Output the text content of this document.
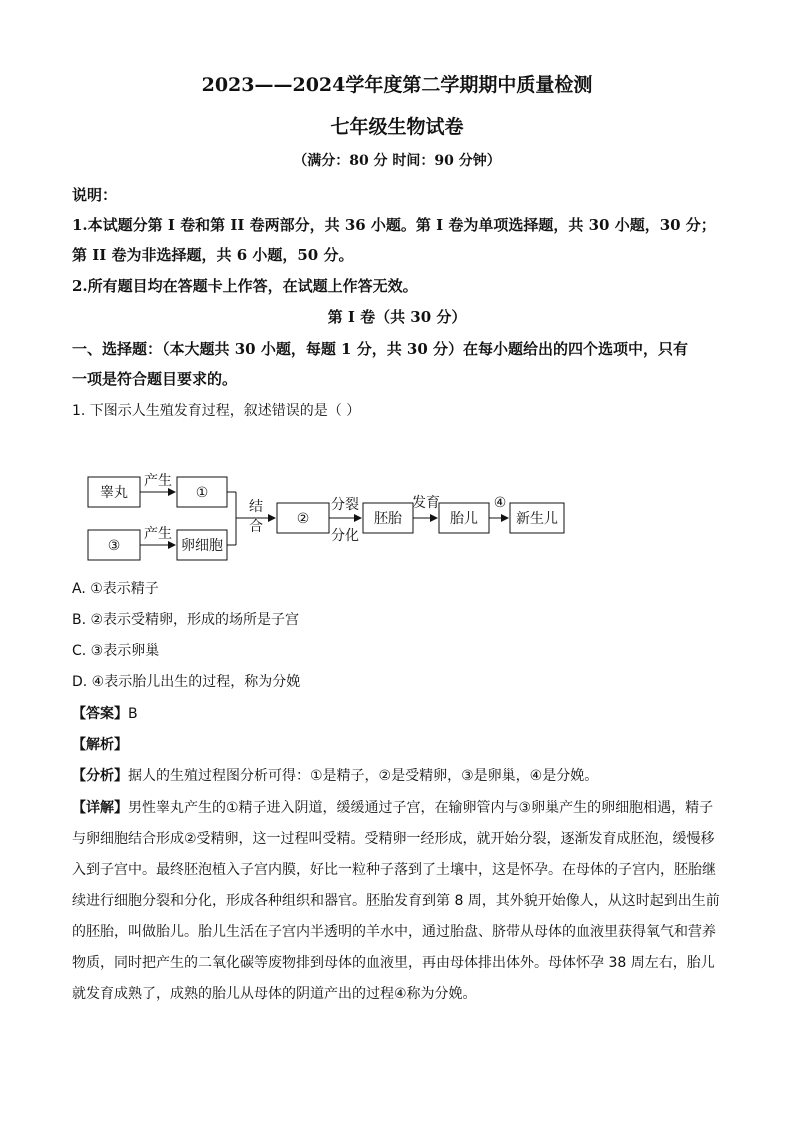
2023——2024学年度第二学期期中质量检测
七年级生物试卷
（满分：80 分 时间：90 分钟）
说明：
1.本试题分第 I 卷和第 II 卷两部分，共 36 小题。第 I 卷为单项选择题，共 30 小题，30 分；
第 II 卷为非选择题，共 6 小题，50 分。
2.所有题目均在答题卡上作答，在试题上作答无效。
第 I 卷（共 30 分）
一、选择题：（本大题共 30 小题，每题 1 分，共 30 分）在每小题给出的四个选项中，只有
一项是符合题目要求的。
1. 下图示人生殖发育过程，叙述错误的是（ ）
睾丸	①
③	卵细胞
产生
产生
结
合 ②
分裂
分化
胚胎
发育
胎儿
④
新生儿
A. ①表示精子
B. ②表示受精卵，形成的场所是子宫
C. ③表示卵巢
D. ④表示胎儿出生的过程，称为分娩
【答案】B
【解析】
【分析】据人的生殖过程图分析可得：①是精子，②是受精卵，③是卵巢，④是分娩。
【详解】男性睾丸产生的①精子进入阴道，缓缓通过子宫，在输卵管内与③卵巢产生的卵细胞相遇，精子
与卵细胞结合形成②受精卵，这一过程叫受精。受精卵一经形成，就开始分裂，逐渐发育成胚泡，缓慢移
入到子宫中。最终胚泡植入子宫内膜，好比一粒种子落到了土壤中，这是怀孕。在母体的子宫内，胚胎继
续进行细胞分裂和分化，形成各种组织和器官。胚胎发育到第 8 周，其外貌开始像人，从这时起到出生前
的胚胎，叫做胎儿。胎儿生活在子宫内半透明的羊水中，通过胎盘、脐带从母体的血液里获得氧气和营养
物质，同时把产生的二氧化碳等废物排到母体的血液里，再由母体排出体外。母体怀孕 38 周左右，胎儿
就发育成熟了，成熟的胎儿从母体的阴道产出的过程④称为分娩。
